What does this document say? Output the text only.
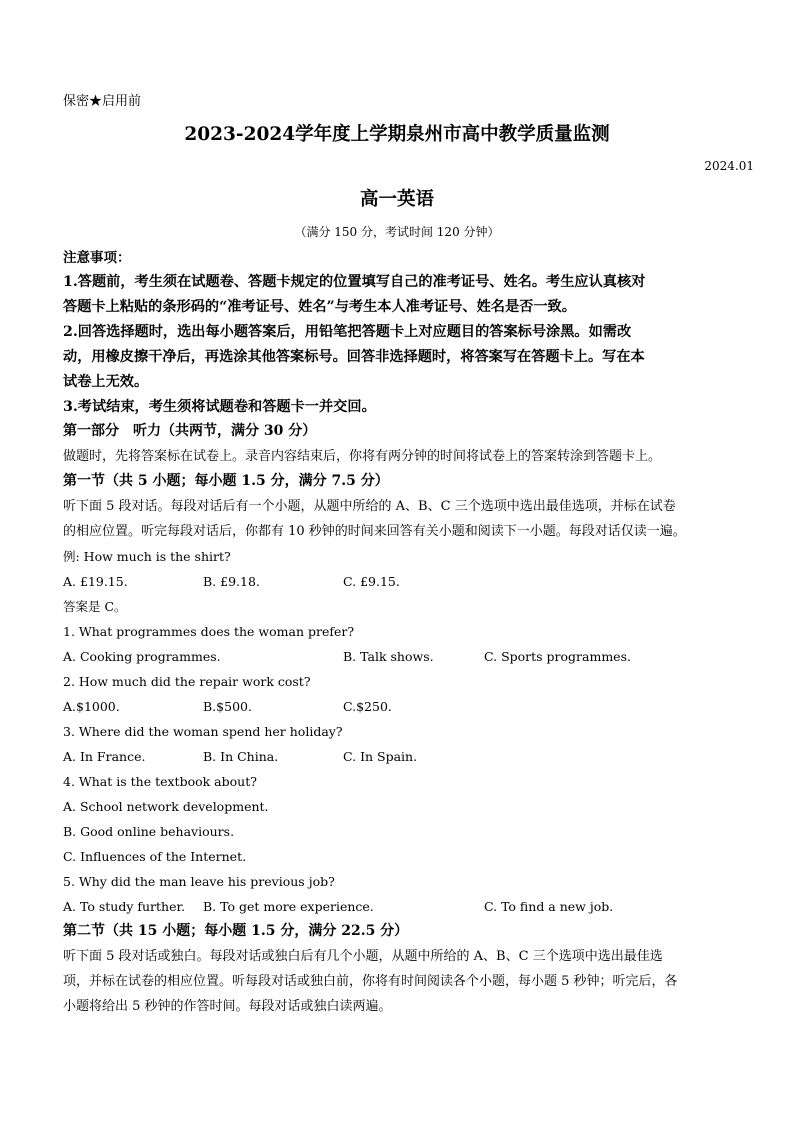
保密★启用前
2023-2024学年度上学期泉州市高中教学质量监测
2024.01
高一英语
（满分 150 分，考试时间 120 分钟）
注意事项：
1.答题前，考生须在试题卷、答题卡规定的位置填写自己的准考证号、姓名。考生应认真核对
答题卡上粘贴的条形码的“准考证号、姓名”与考生本人准考证号、姓名是否一致。
2.回答选择题时，选出每小题答案后，用铅笔把答题卡上对应题目的答案标号涂黑。如需改
动，用橡皮擦干净后，再选涂其他答案标号。回答非选择题时，将答案写在答题卡上。写在本
试卷上无效。
3.考试结束，考生须将试题卷和答题卡一并交回。
第一部分　听力（共两节，满分 30 分）
做题时，先将答案标在试卷上。录音内容结束后，你将有两分钟的时间将试卷上的答案转涂到答题卡上。
第一节（共 5 小题；每小题 1.5 分，满分 7.5 分）
听下面 5 段对话。每段对话后有一个小题，从题中所给的 A、B、C 三个选项中选出最佳选项，并标在试卷
的相应位置。听完每段对话后，你都有 10 秒钟的时间来回答有关小题和阅读下一小题。每段对话仅读一遍。
例: How much is the shirt?
A. £19.15.	B. £9.18.	C. £9.15.
答案是 C。
1. What programmes does the woman prefer?
A. Cooking programmes.	B. Talk shows.	C. Sports programmes.
2. How much did the repair work cost?
A.$1000.	B.$500.	C.$250.
3. Where did the woman spend her holiday?
A. In France.	B. In China.	C. In Spain.
4. What is the textbook about?
A. School network development.
B. Good online behaviours.
C. Influences of the Internet.
5. Why did the man leave his previous job?
A. To study further. B. To get more experience.	C. To find a new job.
第二节（共 15 小题；每小题 1.5 分，满分 22.5 分）
听下面 5 段对话或独白。每段对话或独白后有几个小题，从题中所给的 A、B、C 三个选项中选出最佳选
项，并标在试卷的相应位置。听每段对话或独白前，你将有时间阅读各个小题，每小题 5 秒钟；听完后，各
小题将给出 5 秒钟的作答时间。每段对话或独白读两遍。
